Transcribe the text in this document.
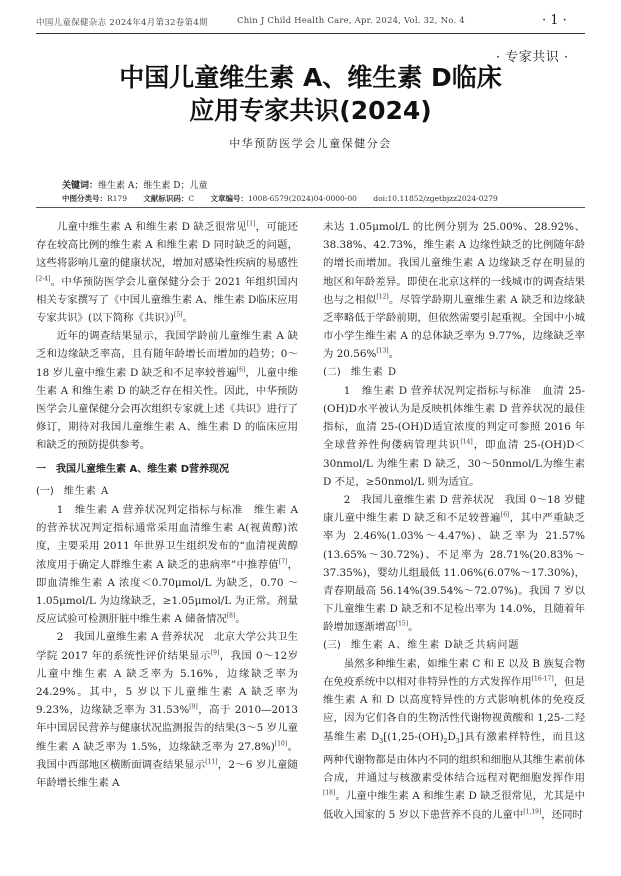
中国儿童保健杂志 2024年4月第32卷第4期	Chin J Child Health Care, Apr. 2024, Vol. 32, No. 4	· 1 ·
· 专家共识 ·
中国儿童维生素 A、维生素 D临床
应用专家共识(2024)
中华预防医学会儿童保健分会
关键词：维生素 A；维生素 D；儿童
中图分类号：R179 文献标识码：C 文章编号：1008-6579(2024)04-0000-00 doi:10.11852/zgetbjzz2024-0279

儿童中维生素 A 和维生素 D 缺乏很常见[1]，可能还存在较高比例的维生素 A 和维生素 D 同时缺乏的问题，这些将影响儿童的健康状况，增加对感染性疾病的易感性[2-4]。中华预防医学会儿童保健分会于 2021 年组织国内相关专家撰写了《中国儿童维生素 A、维生素 D临床应用专家共识》(以下简称《共识》)[5]。

近年的调查结果显示，我国学龄前儿童维生素 A 缺乏和边缘缺乏率高，且有随年龄增长而增加的趋势；0～18 岁儿童中维生素 D 缺乏和不足率较普遍[6]，儿童中维生素 A 和维生素 D 的缺乏存在相关性。因此，中华预防医学会儿童保健分会再次组织专家就上述《共识》进行了修订，期待对我国儿童维生素 A、维生素 D 的临床应用和缺乏的预防提供参考。

一　我国儿童维生素 A、维生素 D营养现况

(一)　 维生素 A

1　维生素 A 营养状况判定指标与标准　维生素 A 的营养状况判定指标通常采用血清维生素 A(视黄醇)浓度，主要采用 2011 年世界卫生组织发布的“血清视黄醇浓度用于确定人群维生素 A 缺乏的患病率”中推荐值[7]，即血清维生素 A 浓度＜0.70μmol/L 为缺乏，0.70 ～ 1.05μmol/L 为边缘缺乏，≥1.05μmol/L 为正常。剂量反应试验可检测肝脏中维生素 A 储备情况[8]。

2　我国儿童维生素 A 营养状况　北京大学公共卫生学院 2017 年的系统性评价结果显示[9]，我国 0～12岁儿童中维生素 A 缺乏率为 5.16%，边缘缺乏率为 24.29%。其中，5 岁以下儿童维生素 A 缺乏率为 9.23%，边缘缺乏率为 31.53%[9]，高于 2010—2013 年中国居民营养与健康状况监测报告的结果(3～5 岁儿童维生素 A 缺乏率为 1.5%，边缘缺乏率为 27.8%)[10]。我国中西部地区横断面调查结果显示[11]，2～6 岁儿童随年龄增长维生素 A

未达 1.05μmol/L 的比例分别为 25.00%、28.92%、38.38%、42.73%，维生素 A 边缘性缺乏的比例随年龄的增长而增加。我国儿童维生素 A 边缘缺乏存在明显的地区和年龄差异。即使在北京这样的一线城市的调查结果也与之相似[12]。尽管学龄期儿童维生素 A 缺乏和边缘缺乏率略低于学龄前期，但依然需要引起重视。全国中小城市小学生维生素 A 的总体缺乏率为 9.77%，边缘缺乏率为 20.56%[13]。

(二)　 维生素 D

1　维生素 D 营养状况判定指标与标准　血清 25-(OH)D水平被认为是反映机体维生素 D 营养状况的最佳指标，血清 25-(OH)D适宜浓度的判定可参照 2016 年全球营养性佝偻病管理共识[14]，即血清 25-(OH)D＜30nmol/L 为维生素 D 缺乏，30～50nmol/L为维生素 D 不足，≥50nmol/L 则为适宜。

2　我国儿童维生素 D 营养状况　我国 0～18 岁健康儿童中维生素 D 缺乏和不足较普遍[6]，其中严重缺乏率为 2.46%(1.03%～4.47%)、缺乏率为 21.57%(13.65%～30.72%)、不足率为 28.71%(20.83%～37.35%)，婴幼儿组最低 11.06%(6.07%～17.30%)，青春期最高 56.14%(39.54%～72.07%)。我国 7 岁以下儿童维生素 D 缺乏和不足检出率为 14.0%，且随着年龄增加逐渐增高[15]。

(三)　 维生素 A、维生素 D缺乏共病问题

虽然多种维生素，如维生素 C 和 E 以及 B 族复合物在免疫系统中以相对非特异性的方式发挥作用[16-17]，但是维生素 A 和 D 以高度特异性的方式影响机体的免疫反应，因为它们各自的生物活性代谢物视黄酸和 1,25-二羟基维生素 $D_3[(1,25-(OH)_2D_3]$具有激素样特性，而且这两种代谢物都是由体内不同的组织和细胞从其维生素前体合成，并通过与核激素受体结合远程对靶细胞发挥作用[18]。儿童中维生素 A 和维生素 D 缺乏很常见，尤其是中低收入国家的 5 岁以下患营养不良的儿童中[1,19]，还同时
